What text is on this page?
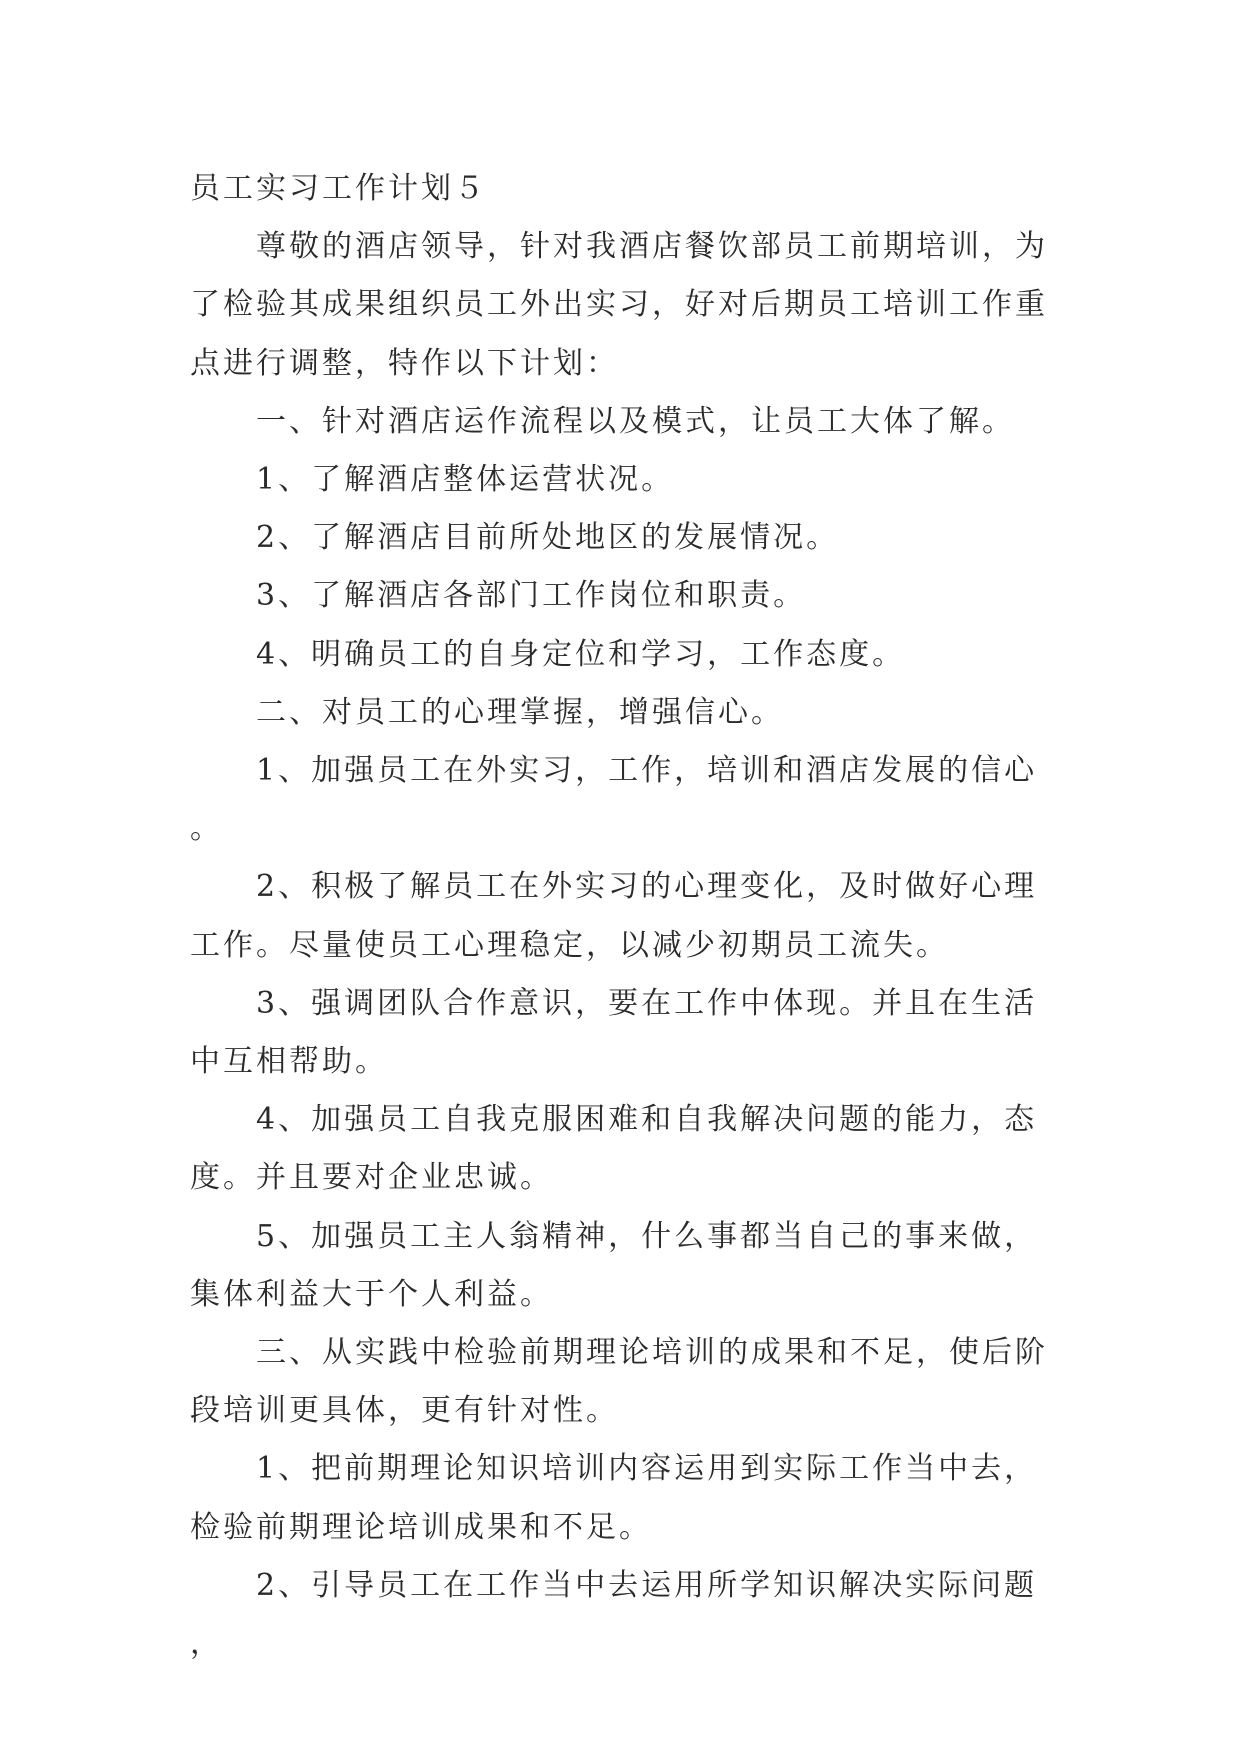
员工实习工作计划５

尊敬的酒店领导，针对我酒店餐饮部员工前期培训，为了检验其成果组织员工外出实习，好对后期员工培训工作重点进行调整，特作以下计划：

一、针对酒店运作流程以及模式，让员工大体了解。

1、了解酒店整体运营状况。

2、了解酒店目前所处地区的发展情况。

3、了解酒店各部门工作岗位和职责。

4、明确员工的自身定位和学习，工作态度。

二、对员工的心理掌握，增强信心。

1、加强员工在外实习，工作，培训和酒店发展的信心。

2、积极了解员工在外实习的心理变化，及时做好心理工作。尽量使员工心理稳定，以减少初期员工流失。

3、强调团队合作意识，要在工作中体现。并且在生活中互相帮助。

4、加强员工自我克服困难和自我解决问题的能力，态度。并且要对企业忠诚。

5、加强员工主人翁精神，什么事都当自己的事来做，集体利益大于个人利益。

三、从实践中检验前期理论培训的成果和不足，使后阶段培训更具体，更有针对性。

1、把前期理论知识培训内容运用到实际工作当中去，检验前期理论培训成果和不足。

2、引导员工在工作当中去运用所学知识解决实际问题，
